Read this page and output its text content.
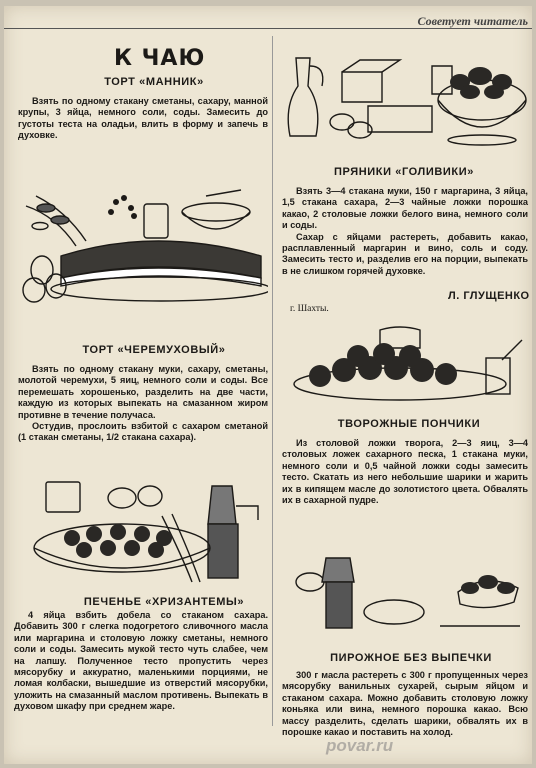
Советует читатель
К ЧАЮ
ТОРТ «МАННИК»

Взять по одному стакану сметаны, сахару, манной крупы, 3 яйца, немного соли, соды. Замесить до густоты теста на оладьи, влить в форму и запечь в духовке.

ТОРТ «ЧЕРЕМУХОВЫЙ»

Взять по одному стакану муки, сахару, сметаны, молотой черемухи, 5 яиц, немного соли и соды. Все перемешать хорошенько, разделить на две части, каждую из которых выпекать на смазанном жиром противне в течение получаса.

Остудив, прослоить взбитой с сахаром сметаной (1 стакан сметаны, 1/2 стакана сахара).

ПЕЧЕНЬЕ «ХРИЗАНТЕМЫ»

4 яйца взбить добела со стаканом сахара. Добавить 300 г слегка подогретого сливочного масла или маргарина и столовую ложку сметаны, немного соли и соды. Замесить мукой тесто чуть слабее, чем на лапшу. Полученное тесто пропустить через мясорубку и аккуратно, маленькими порциями, не ломая колбаски, вышедшие из отверстий мясорубки, уложить на смазанный маслом противень. Выпекать в духовом шкафу при среднем жаре.

ПРЯНИКИ «ГОЛИВИКИ»

Взять 3—4 стакана муки, 150 г маргарина, 3 яйца, 1,5 стакана сахара, 2—3 чайные ложки порошка какао, 2 столовые ложки белого вина, немного соли и соды.

Сахар с яйцами растереть, добавить какао, расплавленный маргарин и вино, соль и соду. Замесить тесто и, разделив его на порции, выпекать в не слишком горячей духовке.

Л. ГЛУЩЕНКО
г. Шахты.
ТВОРОЖНЫЕ ПОНЧИКИ

Из столовой ложки творога, 2—3 яиц, 3—4 столовых ложек сахарного песка, 1 стакана муки, немного соли и 0,5 чайной ложки соды замесить тесто. Скатать из него небольшие шарики и жарить их в кипящем масле до золотистого цвета. Обвалять их в сахарной пудре.

ПИРОЖНОЕ БЕЗ ВЫПЕЧКИ

300 г масла растереть с 300 г пропущенных через мясорубку ванильных сухарей, сырым яйцом и стаканом сахара. Можно добавить столовую ложку коньяка или вина, немного порошка какао. Всю массу разделить, сделать шарики, обвалять их в порошке какао и поставить на холод.

povar.ru
